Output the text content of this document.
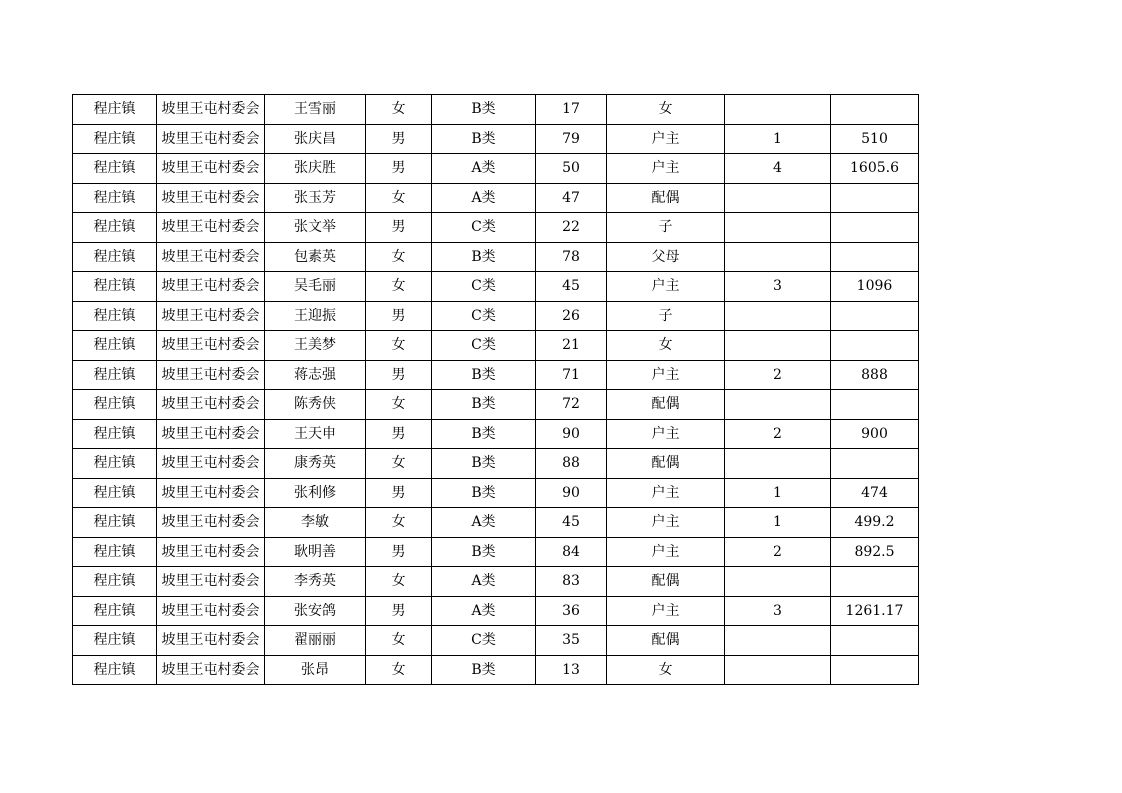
程庄镇	坡里王屯村委会	王雪丽	女	B类	17	女		
程庄镇	坡里王屯村委会	张庆昌	男	B类	79	户主	1	510
程庄镇	坡里王屯村委会	张庆胜	男	A类	50	户主	4	1605.6
程庄镇	坡里王屯村委会	张玉芳	女	A类	47	配偶		
程庄镇	坡里王屯村委会	张文举	男	C类	22	子		
程庄镇	坡里王屯村委会	包素英	女	B类	78	父母		
程庄镇	坡里王屯村委会	吴毛丽	女	C类	45	户主	3	1096
程庄镇	坡里王屯村委会	王迎振	男	C类	26	子		
程庄镇	坡里王屯村委会	王美梦	女	C类	21	女		
程庄镇	坡里王屯村委会	蒋志强	男	B类	71	户主	2	888
程庄镇	坡里王屯村委会	陈秀侠	女	B类	72	配偶		
程庄镇	坡里王屯村委会	王天申	男	B类	90	户主	2	900
程庄镇	坡里王屯村委会	康秀英	女	B类	88	配偶		
程庄镇	坡里王屯村委会	张利修	男	B类	90	户主	1	474
程庄镇	坡里王屯村委会	李敏	女	A类	45	户主	1	499.2
程庄镇	坡里王屯村委会	耿明善	男	B类	84	户主	2	892.5
程庄镇	坡里王屯村委会	李秀英	女	A类	83	配偶		
程庄镇	坡里王屯村委会	张安鸽	男	A类	36	户主	3	1261.17
程庄镇	坡里王屯村委会	翟丽丽	女	C类	35	配偶		
程庄镇	坡里王屯村委会	张昂	女	B类	13	女		
